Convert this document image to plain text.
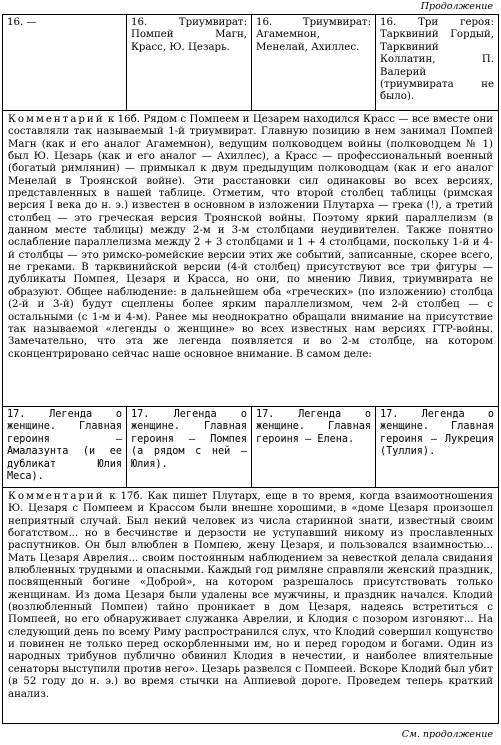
Продолжение
16. —	16. Триумвират: Помпей Магн, Красс, Ю. Цезарь.
16. Триумвират: Агамемнон, Менелай, Ахиллес.
16. Три героя: Тарквиний Гордый, Тарквиний Коллатин, П. Валерий (триумвирата не было).
Комментарий к 16б. Рядом с Помпеем и Цезарем находился Красс — все вместе они составляли так называемый 1-й триумвират. Главную позицию в нем занимал Помпей Магн (как и его аналог Агамемнон), ведущим полководцем войны (полководцем № 1) был Ю. Цезарь (как и его аналог — Ахиллес), а Красс — профессиональный военный (богатый римлянин) — примыкал к двум предыдущим полководцам (как и его аналог Менелай в Троянской войне). Эти расстановки сил одинаковы во всех версиях, представленных в нашей таблице. Отметим, что второй столбец таблицы (римская версия I века до н. э.) известен в основном в изложении Плутарха — грека (!), а третий столбец — это греческая версия Троянской войны. Поэтому яркий параллелизм (в данном месте таблицы) между 2-м и 3-м столбцами неудивителен. Также понятно ослабление параллелизма между 2 + 3 столбцами и 1 + 4 столбцами, поскольку 1-й и 4-й столбцы — это римско-ромейские версии этих же событий, записанные, скорее всего, не греками. В тарквинийской версии (4-й столбец) присутствуют все три фигуры — дубликаты Помпея, Цезаря и Красса, но они, по мнению Ливия, триумвирата не образуют. Общее наблюдение: в дальнейшем оба «греческих» (по изложению) столбца (2-й и 3-й) будут сцеплены более ярким параллелизмом, чем 2-й столбец — с остальными (с 1-м и 4-м). Ранее мы неоднократно обращали внимание на присутствие так называемой «легенды о женщине» во всех известных нам версиях ГТР-войны. Замечательно, что эта же легенда появляется и во 2-м столбце, на котором сконцентрировано сейчас наше основное внимание. В самом деле:
17. Легенда о женщине. Главная героиня — Амалазунта (и ее дубликат Юлия Меса).
17. Легенда о женщине. Главная героиня — Помпея (а рядом с ней — Юлия).
17. Легенда о женщине. Главная героиня — Елена.
17. Легенда о женщине. Главная героиня — Лукреция (Туллия).
Комментарий к 17б. Как пишет Плутарх, еще в то время, когда взаимоотношения Ю. Цезаря с Помпеем и Крассом были внешне хорошими, в «доме Цезаря произошел неприятный случай. Был некий человек из числа старинной знати, известный своим богатством... но в бесчинстве и дерзости не уступавший никому из прославленных распутников. Он был влюблен в Помпею, жену Цезаря, и пользовался взаимностью... Мать Цезаря Аврелия... своим постоянным наблюдением за невесткой делала свидания влюбленных трудными и опасными. Каждый год римляне справляли женский праздник, посвященный богине «Доброй», на котором разрешалось присутствовать только женщинам. Из дома Цезаря были удалены все мужчины, и праздник начался. Клодий (возлюбленный Помпеи) тайно проникает в дом Цезаря, надеясь встретиться с Помпеей, но его обнаруживает служанка Аврелии, и Клодия с позором изгоняют... На следующий день по всему Риму распространился слух, что Клодий совершил кощунство и повинен не только перед оскорбленными им, но и перед городом и богами. Один из народных трибунов публично обвинил Клодия в нечестии, и наиболее влиятельные сенаторы выступили против него». Цезарь развелся с Помпеей. Вскоре Клодий был убит (в 52 году до н. э.) во время стычки на Аппиевой дороге. Проведем теперь краткий анализ.
См. продолжение
